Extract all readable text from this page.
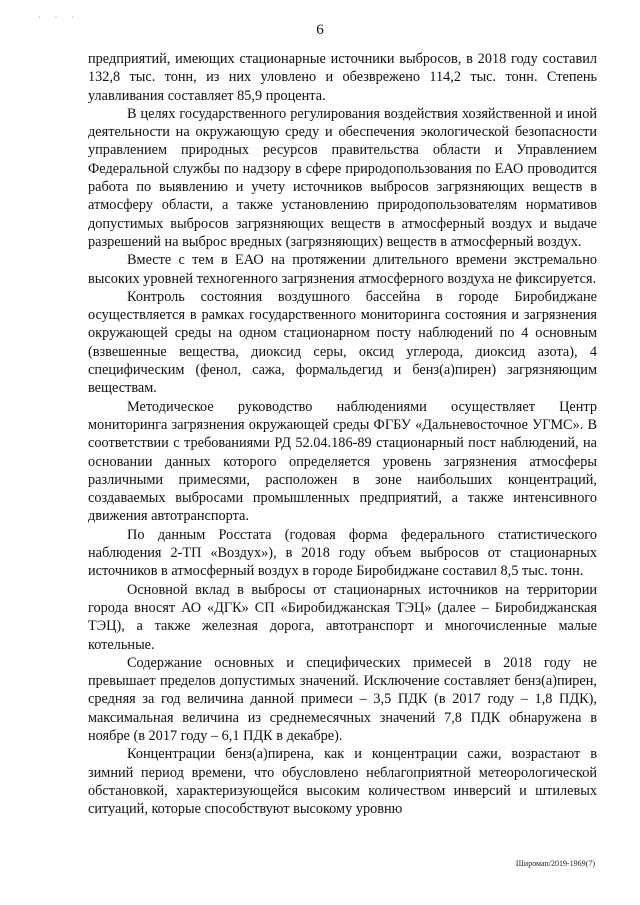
· · ·
6

предприятий, имеющих стационарные источники выбросов, в 2018 году составил 132,8 тыс. тонн, из них уловлено и обезврежено 114,2 тыс. тонн. Степень улавливания составляет 85,9 процента.

В целях государственного регулирования воздействия хозяйственной и иной деятельности на окружающую среду и обеспечения экологической безопасности управлением природных ресурсов правительства области и Управлением Федеральной службы по надзору в сфере природопользования по ЕАО проводится работа по выявлению и учету источников выбросов загрязняющих веществ в атмосферу области, а также установлению природопользователям нормативов допустимых выбросов загрязняющих веществ в атмосферный воздух и выдаче разрешений на выброс вредных (загрязняющих) веществ в атмосферный воздух.

Вместе с тем в ЕАО на протяжении длительного времени экстремально высоких уровней техногенного загрязнения атмосферного воздуха не фиксируется.

Контроль состояния воздушного бассейна в городе Биробиджане осуществляется в рамках государственного мониторинга состояния и загрязнения окружающей среды на одном стационарном посту наблюдений по 4 основным (взвешенные вещества, диоксид серы, оксид углерода, диоксид азота), 4 специфическим (фенол, сажа, формальдегид и бенз(а)пирен) загрязняющим веществам.

Методическое руководство наблюдениями осуществляет Центр мониторинга загрязнения окружающей среды ФГБУ «Дальневосточное УГМС». В соответствии с требованиями РД 52.04.186-89 стационарный пост наблюдений, на основании данных которого определяется уровень загрязнения атмосферы различными примесями, расположен в зоне наибольших концентраций, создаваемых выбросами промышленных предприятий, а также интенсивного движения автотранспорта.

По данным Росстата (годовая форма федерального статистического наблюдения 2-ТП «Воздух»), в 2018 году объем выбросов от стационарных источников в атмосферный воздух в городе Биробиджане составил 8,5 тыс. тонн.

Основной вклад в выбросы от стационарных источников на территории города вносят АО «ДГК» СП «Биробиджанская ТЭЦ» (далее – Биробиджанская ТЭЦ), а также железная дорога, автотранспорт и многочисленные малые котельные.

Содержание основных и специфических примесей в 2018 году не превышает пределов допустимых значений. Исключение составляет бенз(а)пирен, средняя за год величина данной примеси – 3,5 ПДК (в 2017 году – 1,8 ПДК), максимальная величина из среднемесячных значений 7,8 ПДК обнаружена в ноябре (в 2017 году – 6,1 ПДК в декабре).

Концентрации бенз(а)пирена, как и концентрации сажи, возрастают в зимний период времени, что обусловлено неблагоприятной метеорологической обстановкой, характеризующейся высоким количеством инверсий и штилевых ситуаций, которые способствуют высокому уровню

Широмап/2019-1969(7)
